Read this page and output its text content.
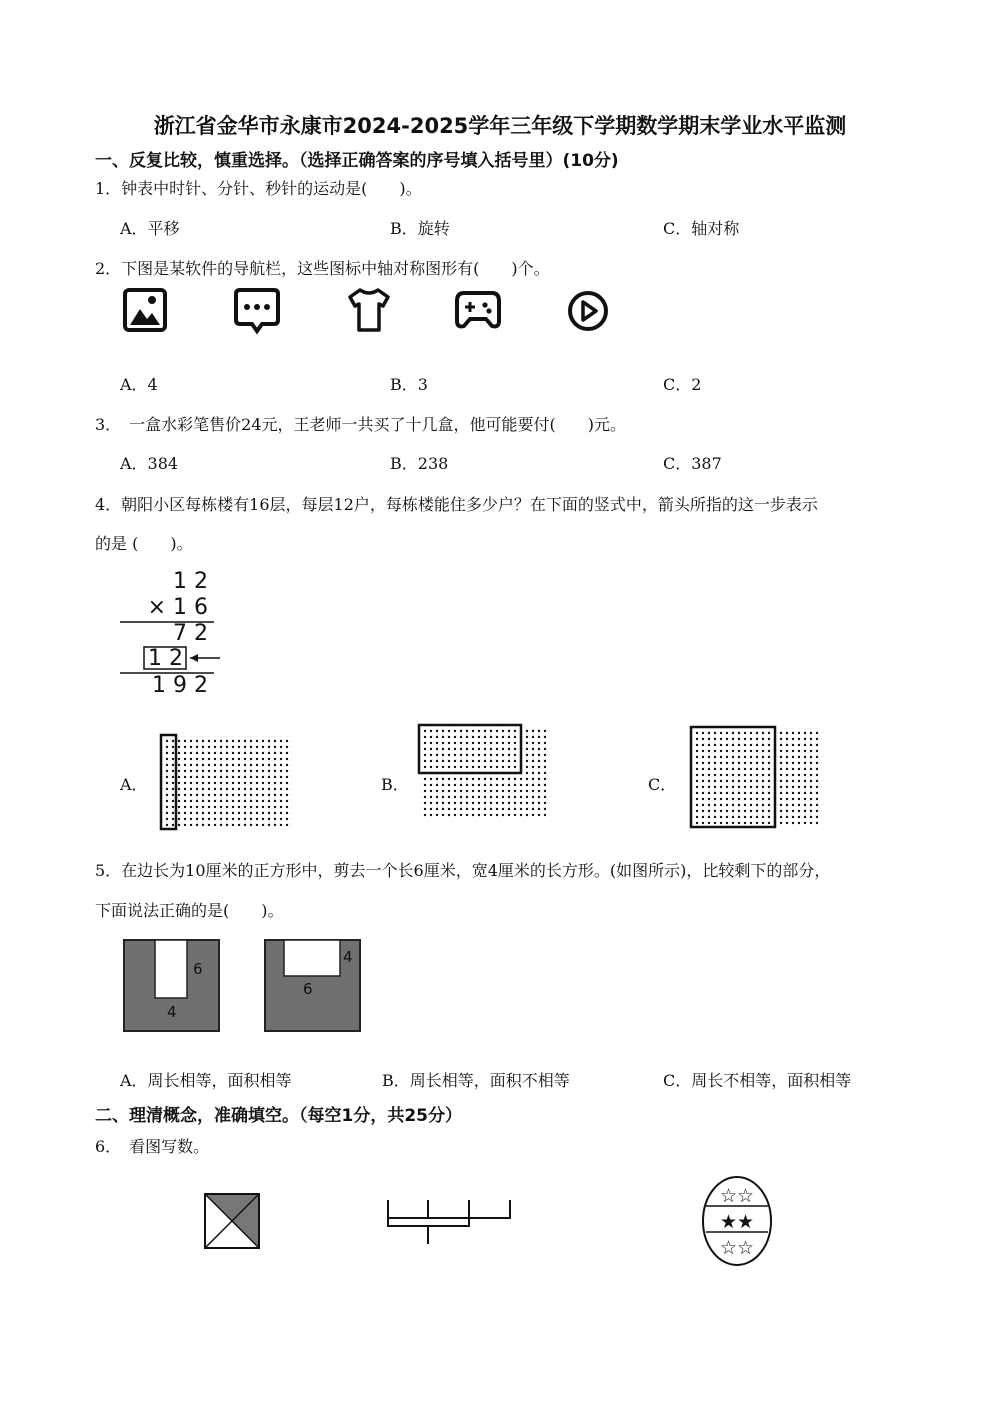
浙江省金华市永康市2024-2025学年三年级下学期数学期末学业水平监测
一、反复比较，慎重选择。（选择正确答案的序号填入括号里）(10分)
1．钟表中时针、分针、秒针的运动是(　　)。
A．平移	B．旋转	C．轴对称
2．下图是某软件的导航栏，这些图标中轴对称图形有(　　)个。
A．4	B．3	C．2
3．　一盒水彩笔售价24元，王老师一共买了十几盒，他可能要付(　　)元。
A．384	B．238	C．387
4．朝阳小区每栋楼有16层，每层12户，每栋楼能住多少户？在下面的竖式中，箭头所指的这一步表示
的是 (　　)。
1 2
× 1 6
7 2
1 2
1 9 2
A．	B．	C．
5．在边长为10厘米的正方形中，剪去一个长6厘米，宽4厘米的长方形。(如图所示)，比较剩下的部分，
下面说法正确的是(　　)。
6
4
4
6
A．周长相等，面积相等	B．周长相等，面积不相等	C．周长不相等，面积相等
二、理清概念，准确填空。（每空1分，共25分）
6．　看图写数。
☆☆
★★
☆☆
